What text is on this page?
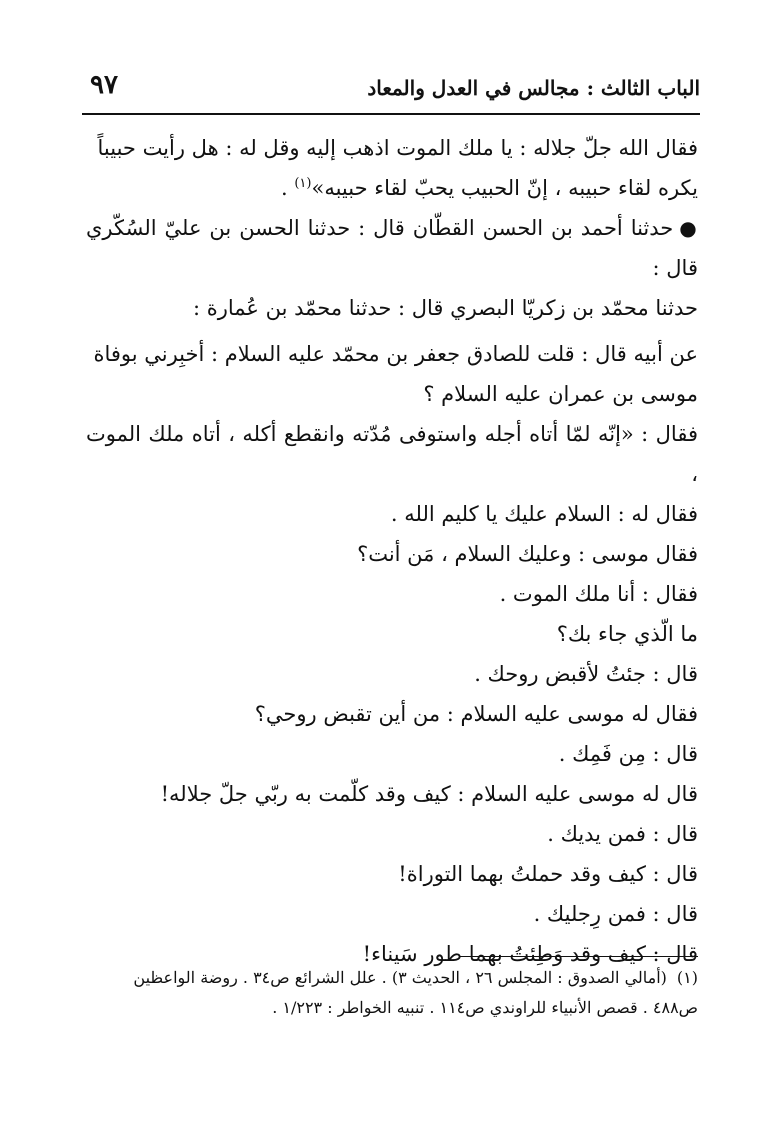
٩٧	الباب الثالث : مجالس في العدل والمعاد

فقال الله جلّ جلاله : يا ملك الموت اذهب إليه وقل له : هل رأيت حبيباً
يكره لقاء حبيبه ، إنّ الحبيب يحبّ لقاء حبيبه»$^{(١)}$ .

●حدثنا أحمد بن الحسن القطّان قال : حدثنا الحسن بن عليّ السُكّري قال :
حدثنا محمّد بن زكريّا البصري قال : حدثنا محمّد بن عُمارة :

عن أبيه قال : قلت للصادق جعفر بن محمّد عليه السلام : أخبِرني بوفاة
موسى بن عمران عليه السلام ؟

فقال : «إنّه لمّا أتاه أجله واستوفى مُدّته وانقطع أكله ، أتاه ملك الموت ،
فقال له : السلام عليك يا كليم الله .

فقال موسى : وعليك السلام ، مَن أنت؟

فقال : أنا ملك الموت .

ما الّذي جاء بك؟

قال : جئتُ لأقبض روحك .

فقال له موسى عليه السلام : من أين تقبض روحي؟

قال : مِن فَمِك .

قال له موسى عليه السلام : كيف وقد كلّمت به ربّي جلّ جلاله!

قال : فمن يديك .

قال : كيف وقد حملتُ بهما التوراة!

قال : فمن رِجليك .

قال : كيف وقد وَطِئتُ بهما طور سَيناء!

(١)(أمالي الصدوق : المجلس ٢٦ ، الحديث ٣) . علل الشرائع ص٣٤ . روضة الواعظين
ص٤٨٨ . قصص الأنبياء للراوندي ص١١٤ . تنبيه الخواطر : ١/٢٢٣ .
